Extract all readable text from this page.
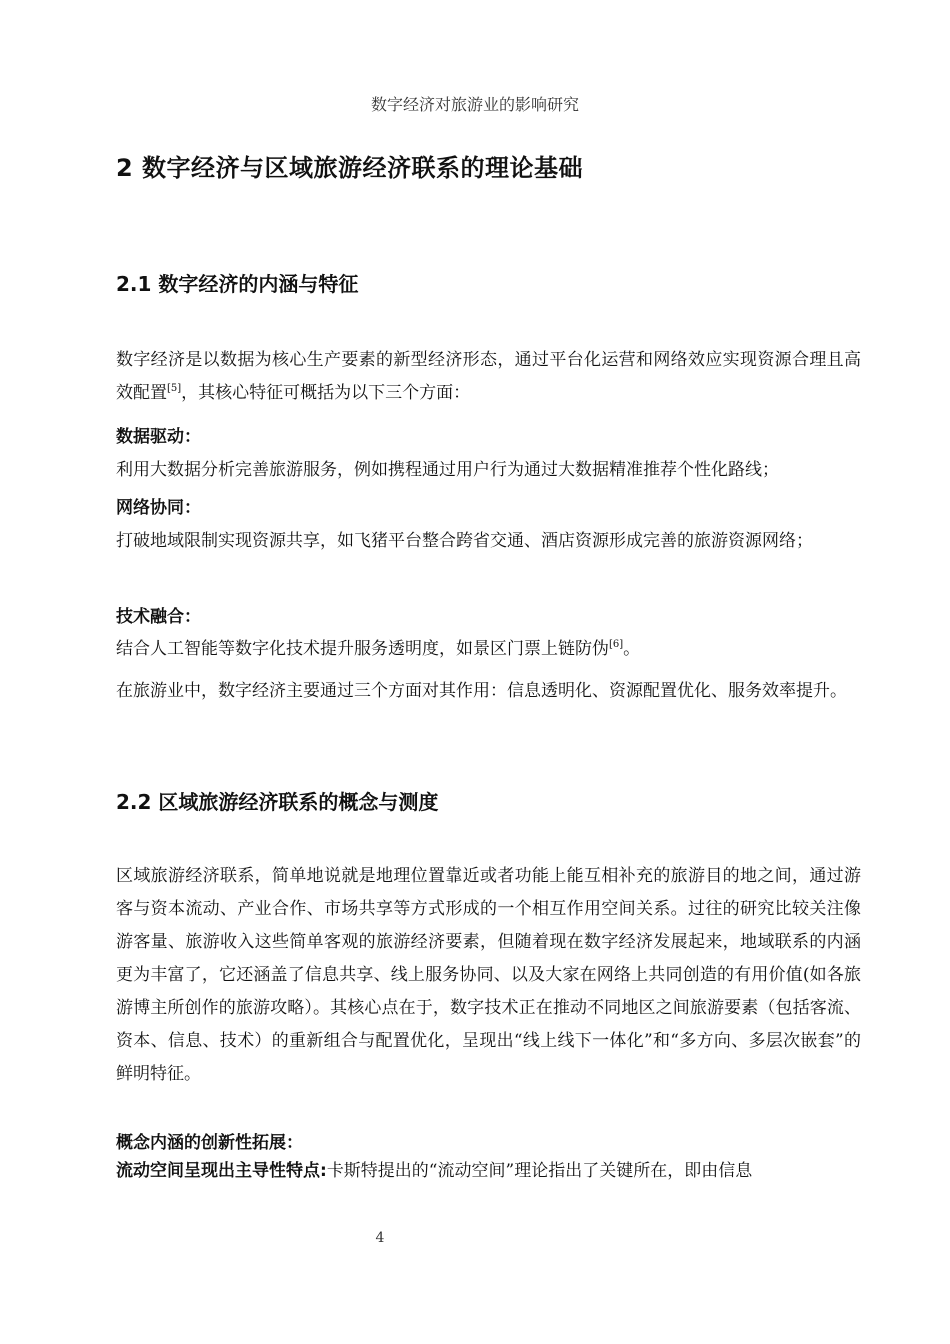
数字经济对旅游业的影响研究
2 数字经济与区域旅游经济联系的理论基础
2.1 数字经济的内涵与特征

数字经济是以数据为核心生产要素的新型经济形态，通过平台化运营和网络效应实现资源合理且高效配置[5]，其核心特征可概括为以下三个方面：

数据驱动：

利用大数据分析完善旅游服务，例如携程通过用户行为通过大数据精准推荐个性化路线；

网络协同：

打破地域限制实现资源共享，如飞猪平台整合跨省交通、酒店资源形成完善的旅游资源网络；

技术融合：

结合人工智能等数字化技术提升服务透明度，如景区门票上链防伪[6]。

在旅游业中，数字经济主要通过三个方面对其作用：信息透明化、资源配置优化、服务效率提升。

2.2 区域旅游经济联系的概念与测度

区域旅游经济联系，简单地说就是地理位置靠近或者功能上能互相补充的旅游目的地之间，通过游客与资本流动、产业合作、市场共享等方式形成的一个相互作用空间关系。过往的研究比较关注像游客量、旅游收入这些简单客观的旅游经济要素，但随着现在数字经济发展起来，地域联系的内涵更为丰富了，它还涵盖了信息共享、线上服务协同、以及大家在网络上共同创造的有用价值(如各旅游博主所创作的旅游攻略）。其核心点在于，数字技术正在推动不同地区之间旅游要素（包括客流、资本、信息、技术）的重新组合与配置优化，呈现出“线上线下一体化”和“多方向、多层次嵌套”的鲜明特征。

概念内涵的创新性拓展：

流动空间呈现出主导性特点:卡斯特提出的“流动空间”理论指出了关键所在，即由信息

4
